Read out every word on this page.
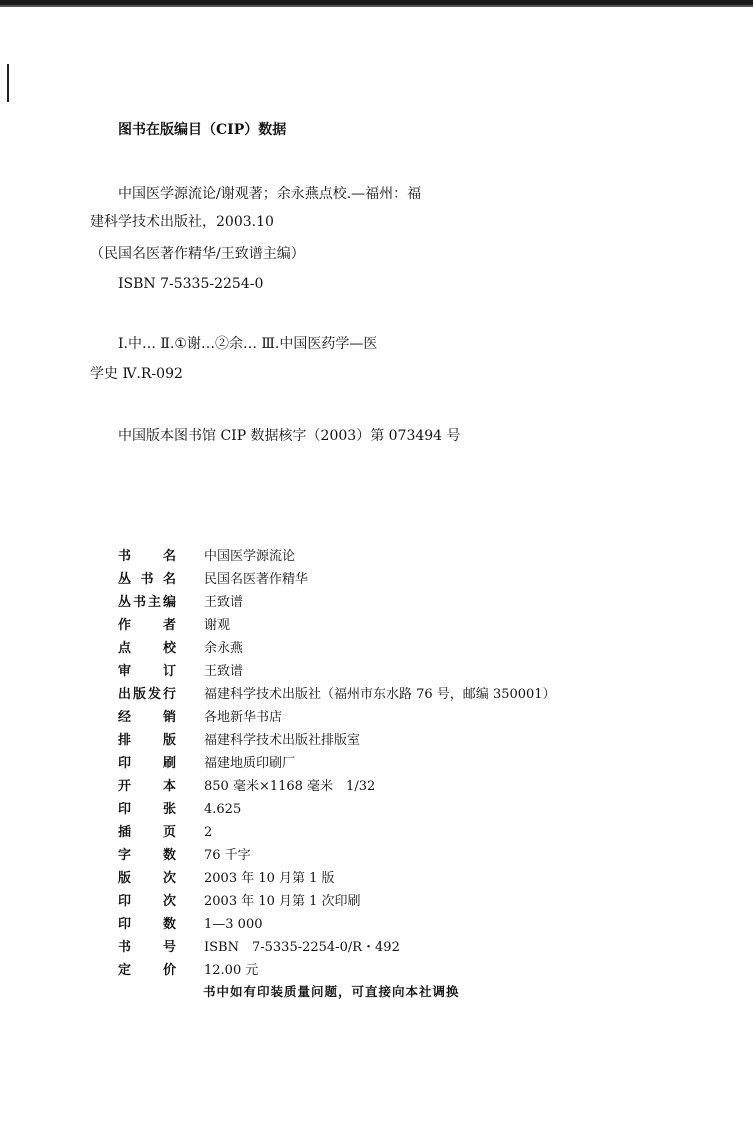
图书在版编目（CIP）数据
中国医学源流论/谢观著；余永燕点校.—福州：福
建科学技术出版社，2003.10
（民国名医著作精华/王致谱主编）
ISBN 7-5335-2254-0
Ⅰ.中… Ⅱ.①谢…②余… Ⅲ.中国医药学—医
学史 Ⅳ.R-092
中国版本图书馆 CIP 数据核字（2003）第 073494 号
书 名 中国医学源流论
丛 书 名 民国名医著作精华
丛 书 主 编 王致谱
作 者 谢观
点 校 余永燕
审 订 王致谱
出 版 发 行 福建科学技术出版社（福州市东水路 76 号，邮编 350001）
经 销 各地新华书店
排 版 福建科学技术出版社排版室
印 刷 福建地质印刷厂
开 本 850 毫米×1168 毫米　1/32
印 张 4.625
插 页 2
字 数 76 千字
版 次 2003 年 10 月第 1 版
印 次 2003 年 10 月第 1 次印刷
印 数 1—3 000
书 号 ISBN　7-5335-2254-0/R・492
定 价 12.00 元
书中如有印装质量问题，可直接向本社调换
